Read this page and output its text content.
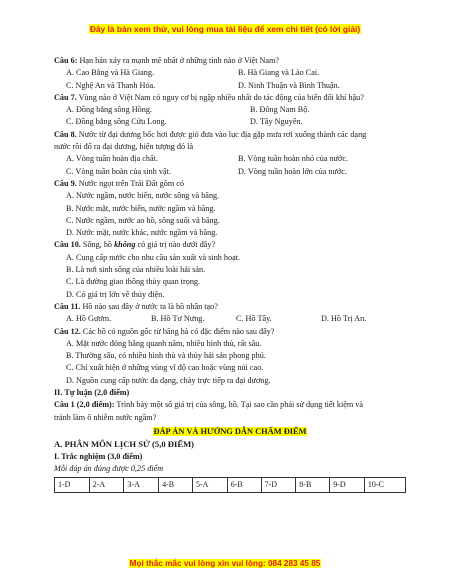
Đây là bản xem thử, vui lòng mua tài liệu để xem chi tiết (có lời giải)
Câu 6: Hạn hán xảy ra mạnh mẽ nhất ở những tỉnh nào ở Việt Nam?
A. Cao Bằng và Hà Giang.	B. Hà Giang và Lào Cai.
C. Nghệ An và Thanh Hóa.	D. Ninh Thuận và Bình Thuận.
Câu 7. Vùng nào ở Việt Nam có nguy cơ bị ngập nhiều nhất do tác động của biến đổi khí hậu?
A. Đồng bằng sông Hồng.	B. Đông Nam Bộ.
C. Đồng bằng sông Cửu Long.	D. Tây Nguyên.
Câu 8. Nước từ đại dương bốc hơi được gió đưa vào lục địa gặp mưa rơi xuống thành các dạng
nước rồi đổ ra đại dương, hiện tượng đó là
A. Vòng tuần hoàn địa chất.	B. Vòng tuần hoàn nhỏ của nước.
C. Vòng tuần hoàn của sinh vật.	D. Vòng tuần hoàn lớn của nước.
Câu 9. Nước ngọt trên Trái Đất gồm có
A. Nước ngầm, nước biển, nước sông và băng.
B. Nước mặt, nước biển, nước ngầm và băng.
C. Nước ngầm, nước ao hồ, sông suối và băng.
D. Nước mặt, nước khác, nước ngầm và băng.
Câu 10. Sông, hồ không có giá trị nào dưới đây?
A. Cung cấp nước cho nhu cầu sản xuất và sinh hoạt.
B. Là nơi sinh sống của nhiều loài hải sản.
C. Là đường giao thông thủy quan trọng.
D. Có giá trị lớn về thủy điện.
Câu 11. Hồ nào sau đây ở nước ta là hồ nhân tạo?
A. Hồ Gươm.	B. Hồ Tơ Nưng.	C. Hồ Tây.	D. Hồ Trị An.
Câu 12. Các hồ có nguồn gốc từ băng hà có đặc điểm nào sau đây?
A. Mặt nước đóng băng quanh năm, nhiều hình thù, rất sâu.
B. Thường sâu, có nhiều hình thù và thủy hải sản phong phú.
C. Chỉ xuất hiện ở những vùng vĩ độ cao hoặc vùng núi cao.
D. Nguồn cung cấp nước đa dạng, chảy trực tiếp ra đại dương.
II. Tự luận (2,0 điểm)
Câu 1 (2,0 điểm): Trình bày một số giá trị của sông, hồ. Tại sao cần phải sử dụng tiết kiệm và
tránh làm ô nhiễm nước ngầm?
ĐÁP ÁN VÀ HƯỚNG DẪN CHẤM ĐIỂM
A. PHÂN MÔN LỊCH SỬ (5,0 ĐIỂM)
I. Trắc nghiệm (3,0 điểm)
Mỗi đáp án đúng được 0,25 điểm
1-D	2-A	3-A	4-B	5-A	6-B	7-D	8-B	9-D	10-C
Mọi thắc mắc vui lòng xin vui lòng: 084 283 45 85
